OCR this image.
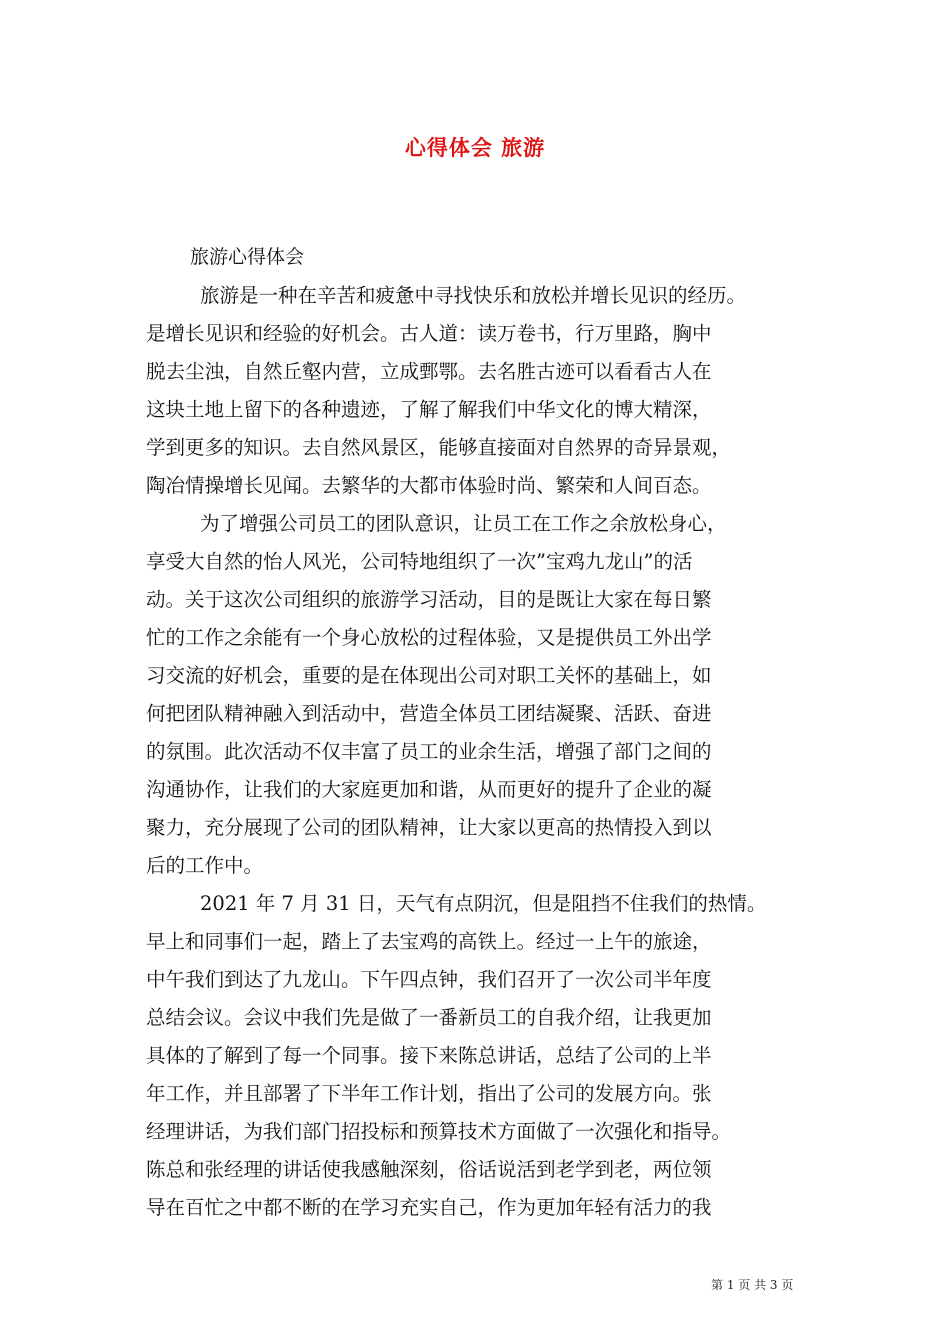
心得体会 旅游
旅游心得体会
旅游是一种在辛苦和疲惫中寻找快乐和放松并增长见识的经历。
是增长见识和经验的好机会。古人道：读万卷书，行万里路，胸中
脱去尘浊，自然丘壑内营，立成鄄鄂。去名胜古迹可以看看古人在
这块土地上留下的各种遗迹，了解了解我们中华文化的博大精深，
学到更多的知识。去自然风景区，能够直接面对自然界的奇异景观，
陶冶情操增长见闻。去繁华的大都市体验时尚、繁荣和人间百态。
为了增强公司员工的团队意识，让员工在工作之余放松身心，
享受大自然的怡人风光，公司特地组织了一次”宝鸡九龙山”的活
动。关于这次公司组织的旅游学习活动，目的是既让大家在每日繁
忙的工作之余能有一个身心放松的过程体验，又是提供员工外出学
习交流的好机会，重要的是在体现出公司对职工关怀的基础上，如
何把团队精神融入到活动中，营造全体员工团结凝聚、活跃、奋进
的氛围。此次活动不仅丰富了员工的业余生活，增强了部门之间的
沟通协作，让我们的大家庭更加和谐，从而更好的提升了企业的凝
聚力，充分展现了公司的团队精神，让大家以更高的热情投入到以
后的工作中。
2021 年 7 月 31 日，天气有点阴沉，但是阻挡不住我们的热情。
早上和同事们一起，踏上了去宝鸡的高铁上。经过一上午的旅途，
中午我们到达了九龙山。下午四点钟，我们召开了一次公司半年度
总结会议。会议中我们先是做了一番新员工的自我介绍，让我更加
具体的了解到了每一个同事。接下来陈总讲话，总结了公司的上半
年工作，并且部署了下半年工作计划，指出了公司的发展方向。张
经理讲话，为我们部门招投标和预算技术方面做了一次强化和指导。
陈总和张经理的讲话使我感触深刻，俗话说活到老学到老，两位领
导在百忙之中都不断的在学习充实自己，作为更加年轻有活力的我
第 1 页 共 3 页
